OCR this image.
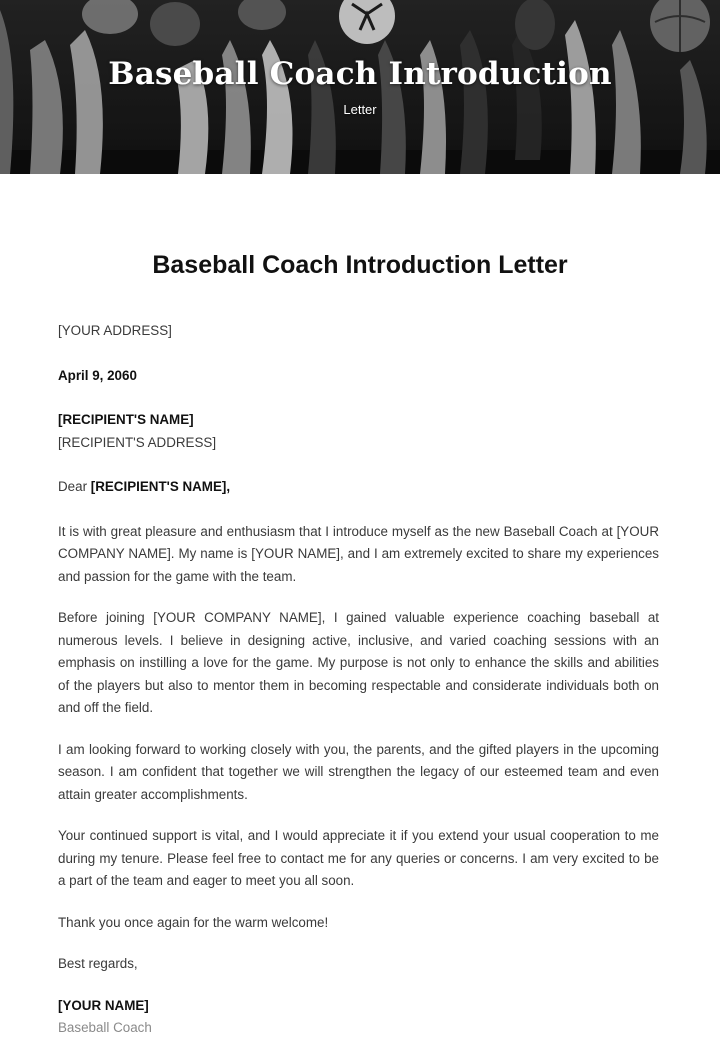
Baseball Coach Introduction
Letter
Baseball Coach Introduction Letter

[YOUR ADDRESS]

April 9, 2060

[RECIPIENT'S NAME]

[RECIPIENT'S ADDRESS]

Dear [RECIPIENT'S NAME],

It is with great pleasure and enthusiasm that I introduce myself as the new Baseball Coach at [YOUR COMPANY NAME]. My name is [YOUR NAME], and I am extremely excited to share my experiences and passion for the game with the team.

Before joining [YOUR COMPANY NAME], I gained valuable experience coaching baseball at numerous levels. I believe in designing active, inclusive, and varied coaching sessions with an emphasis on instilling a love for the game. My purpose is not only to enhance the skills and abilities of the players but also to mentor them in becoming respectable and considerate individuals both on and off the field.

I am looking forward to working closely with you, the parents, and the gifted players in the upcoming season. I am confident that together we will strengthen the legacy of our esteemed team and even attain greater accomplishments.

Your continued support is vital, and I would appreciate it if you extend your usual cooperation to me during my tenure. Please feel free to contact me for any queries or concerns. I am very excited to be a part of the team and eager to meet you all soon.

Thank you once again for the warm welcome!

Best regards,

[YOUR NAME]

Baseball Coach
